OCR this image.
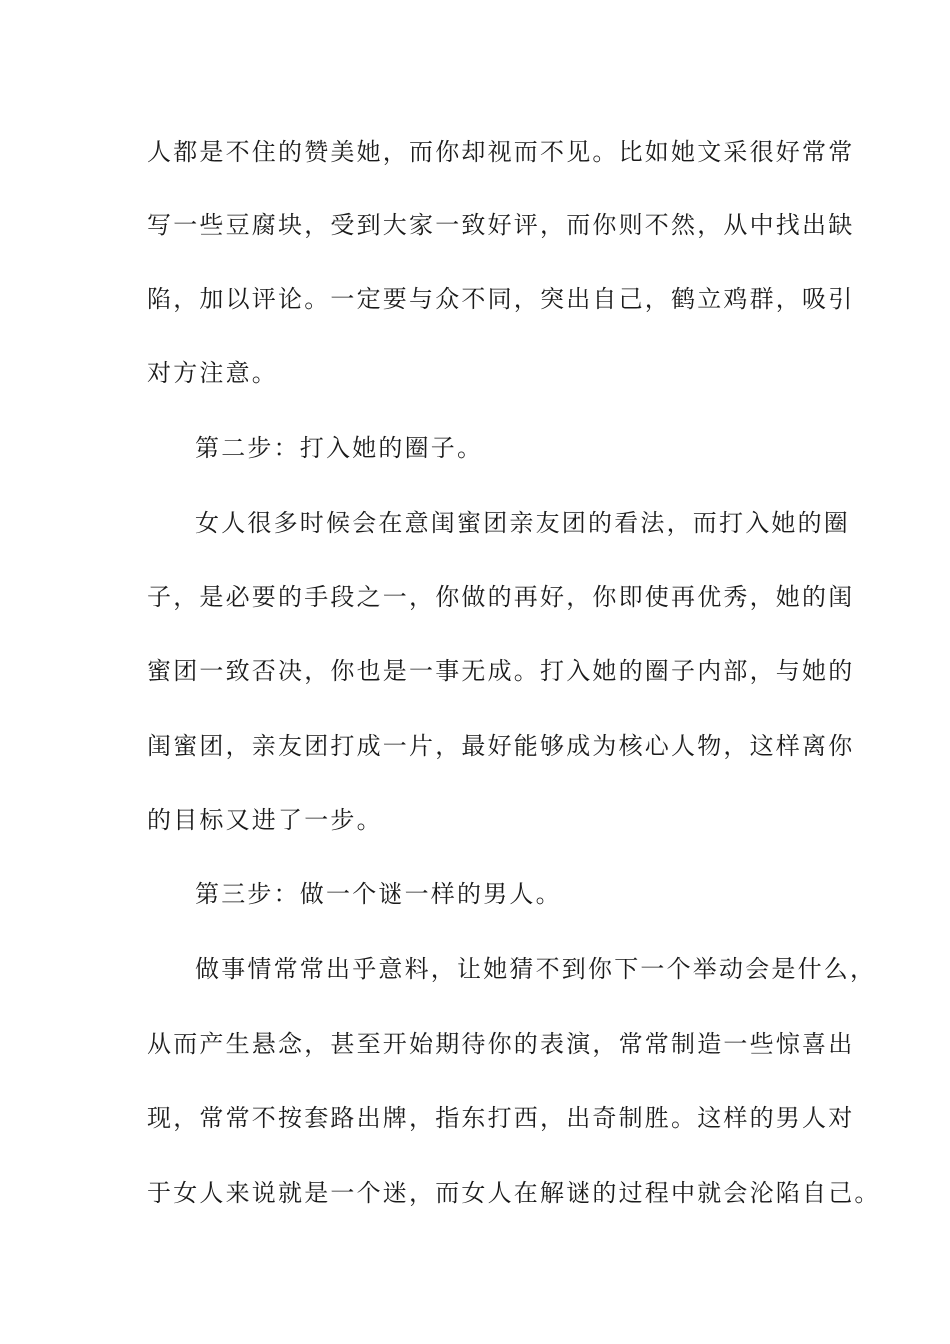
人都是不住的赞美她，而你却视而不见。比如她文采很好常常
写一些豆腐块，受到大家一致好评，而你则不然，从中找出缺
陷，加以评论。一定要与众不同，突出自己，鹤立鸡群，吸引
对方注意。
第二步：打入她的圈子。
女人很多时候会在意闺蜜团亲友团的看法，而打入她的圈
子，是必要的手段之一，你做的再好，你即使再优秀，她的闺
蜜团一致否决，你也是一事无成。打入她的圈子内部，与她的
闺蜜团，亲友团打成一片，最好能够成为核心人物，这样离你
的目标又进了一步。
第三步：做一个谜一样的男人。
做事情常常出乎意料，让她猜不到你下一个举动会是什么，
从而产生悬念，甚至开始期待你的表演，常常制造一些惊喜出
现，常常不按套路出牌，指东打西，出奇制胜。这样的男人对
于女人来说就是一个迷，而女人在解谜的过程中就会沦陷自己。
